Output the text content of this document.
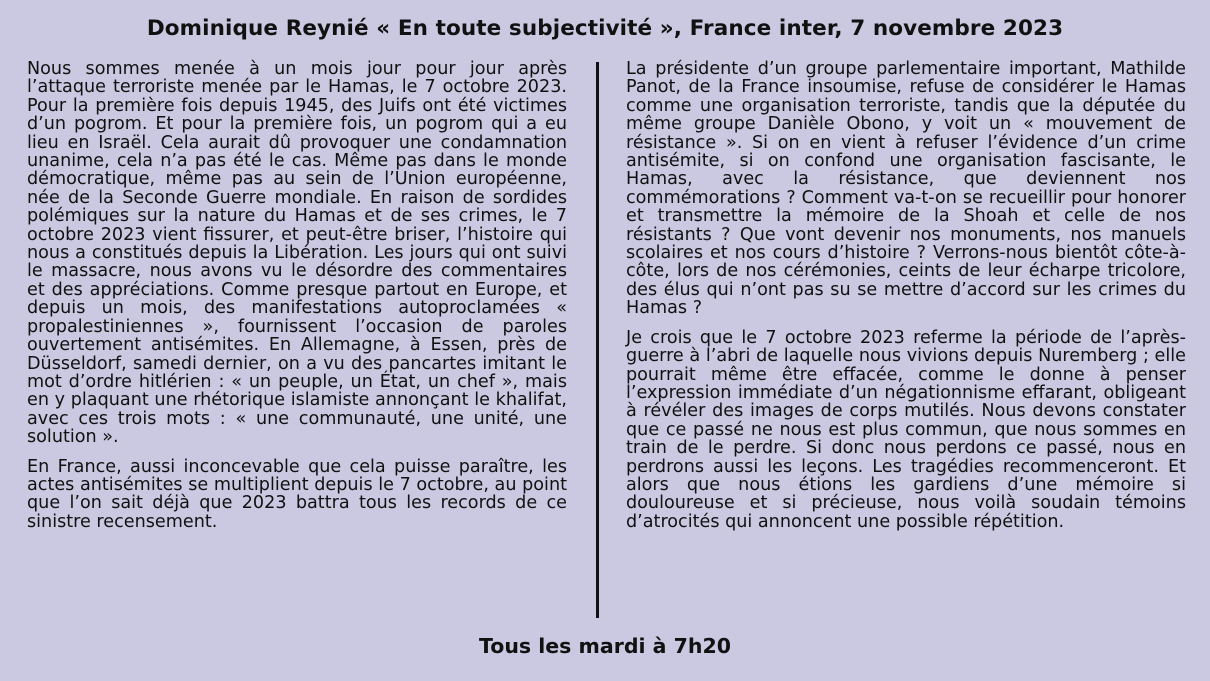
Dominique Reynié « En toute subjectivité », France inter, 7 novembre 2023

Nous sommes menée à un mois jour pour jour après l’attaque terroriste menée par le Hamas, le 7 octobre 2023. Pour la première fois depuis 1945, des Juifs ont été victimes d’un pogrom. Et pour la première fois, un pogrom qui a eu lieu en Israël. Cela aurait dû provoquer une condamnation unanime, cela n’a pas été le cas. Même pas dans le monde démocratique, même pas au sein de l’Union européenne, née de la Seconde Guerre mondiale. En raison de sordides polémiques sur la nature du Hamas et de ses crimes, le 7 octobre 2023 vient fissurer, et peut-être briser, l’histoire qui nous a constitués depuis la Libération. Les jours qui ont suivi le massacre, nous avons vu le désordre des commentaires et des appréciations. Comme presque partout en Europe, et depuis un mois, des manifestations autoproclamées « propalestiniennes », fournissent l’occasion de paroles ouvertement antisémites. En Allemagne, à Essen, près de Düsseldorf, samedi dernier, on a vu des pancartes imitant le mot d’ordre hitlérien : « un peuple, un État, un chef », mais en y plaquant une rhétorique islamiste annonçant le khalifat, avec ces trois mots : « une communauté, une unité, une solution ».

En France, aussi inconcevable que cela puisse paraître, les actes antisémites se multiplient depuis le 7 octobre, au point que l’on sait déjà que 2023 battra tous les records de ce sinistre recensement.

La présidente d’un groupe parlementaire important, Mathilde Panot, de la France insoumise, refuse de considérer le Hamas comme une organisation terroriste, tandis que la députée du même groupe Danièle Obono, y voit un « mouvement de résistance ». Si on en vient à refuser l’évidence d’un crime antisémite, si on confond une organisation fascisante, le Hamas, avec la résistance, que deviennent nos commémorations ? Comment va-t-on se recueillir pour honorer et transmettre la mémoire de la Shoah et celle de nos résistants ? Que vont devenir nos monuments, nos manuels scolaires et nos cours d’histoire ? Verrons-nous bientôt côte-à-côte, lors de nos cérémonies, ceints de leur écharpe tricolore, des élus qui n’ont pas su se mettre d’accord sur les crimes du Hamas ?

Je crois que le 7 octobre 2023 referme la période de l’après-guerre à l’abri de laquelle nous vivions depuis Nuremberg ; elle pourrait même être effacée, comme le donne à penser l’expression immédiate d’un négationnisme effarant, obligeant à révéler des images de corps mutilés. Nous devons constater que ce passé ne nous est plus commun, que nous sommes en train de le perdre. Si donc nous perdons ce passé, nous en perdrons aussi les leçons. Les tragédies recommenceront. Et alors que nous étions les gardiens d’une mémoire si douloureuse et si précieuse, nous voilà soudain témoins d’atrocités qui annoncent une possible répétition.

Tous les mardi à 7h20
